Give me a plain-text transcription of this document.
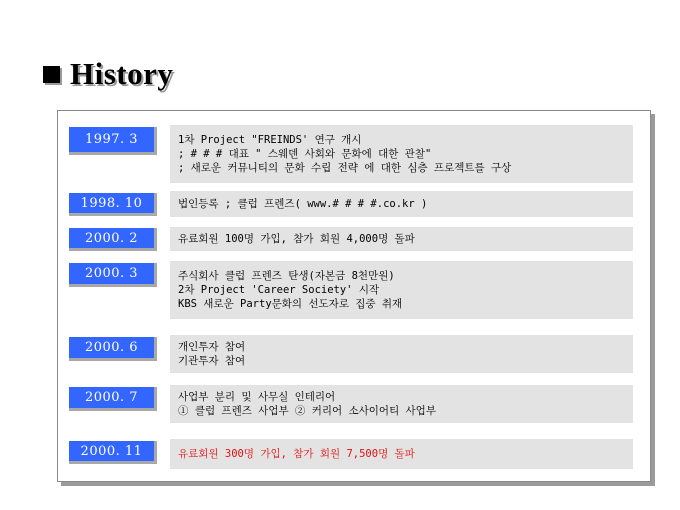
History
1997. 3	1차 Project "FREINDS' 연구 개시
; # # # 대표 " 스웨덴 사회와 문화에 대한 관찰"
; 새로운 커뮤니티의 문화 수립 전략 에 대한 심층 프로젝트를 구상
1998. 10	법인등록 ; 클럽 프렌즈( www.# # # #.co.kr )
2000. 2	유료회원 100명 가입, 참가 회원 4,000명 돌파
2000. 3	주식회사 클럽 프렌즈 탄생(자본금 8천만원)
2차 Project 'Career Society' 시작
KBS 새로운 Party문화의 선도자로 집중 취재
2000. 6	개인투자 참여
기관투자 참여
2000. 7	사업부 분리 및 사무실 인테리어
① 클럽 프렌즈 사업부 ② 커리어 소사이어티 사업부
2000. 11	유료회원 300명 가입, 참가 회원 7,500명 돌파
